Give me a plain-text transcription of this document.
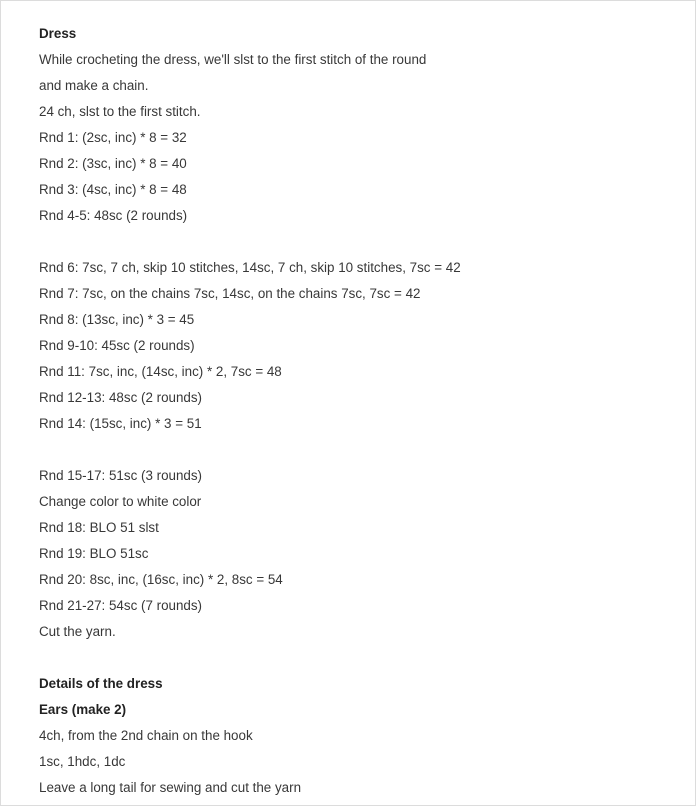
Dress
While crocheting the dress, we'll slst to the first stitch of the round
and make a chain.
24 ch, slst to the first stitch.
Rnd 1: (2sc, inc) * 8 = 32
Rnd 2: (3sc, inc) * 8 = 40
Rnd 3: (4sc, inc) * 8 = 48
Rnd 4-5: 48sc (2 rounds)
Rnd 6: 7sc, 7 ch, skip 10 stitches, 14sc, 7 ch, skip 10 stitches, 7sc = 42
Rnd 7: 7sc, on the chains 7sc, 14sc, on the chains 7sc, 7sc = 42
Rnd 8: (13sc, inc) * 3 = 45
Rnd 9-10: 45sc (2 rounds)
Rnd 11: 7sc, inc, (14sc, inc) * 2, 7sc = 48
Rnd 12-13: 48sc (2 rounds)
Rnd 14: (15sc, inc) * 3 = 51
Rnd 15-17: 51sc (3 rounds)
Change color to white color
Rnd 18: BLO 51 slst
Rnd 19: BLO 51sc
Rnd 20: 8sc, inc, (16sc, inc) * 2, 8sc = 54
Rnd 21-27: 54sc (7 rounds)
Cut the yarn.
Details of the dress
Ears (make 2)
4ch, from the 2nd chain on the hook
1sc, 1hdc, 1dc
Leave a long tail for sewing and cut the yarn
